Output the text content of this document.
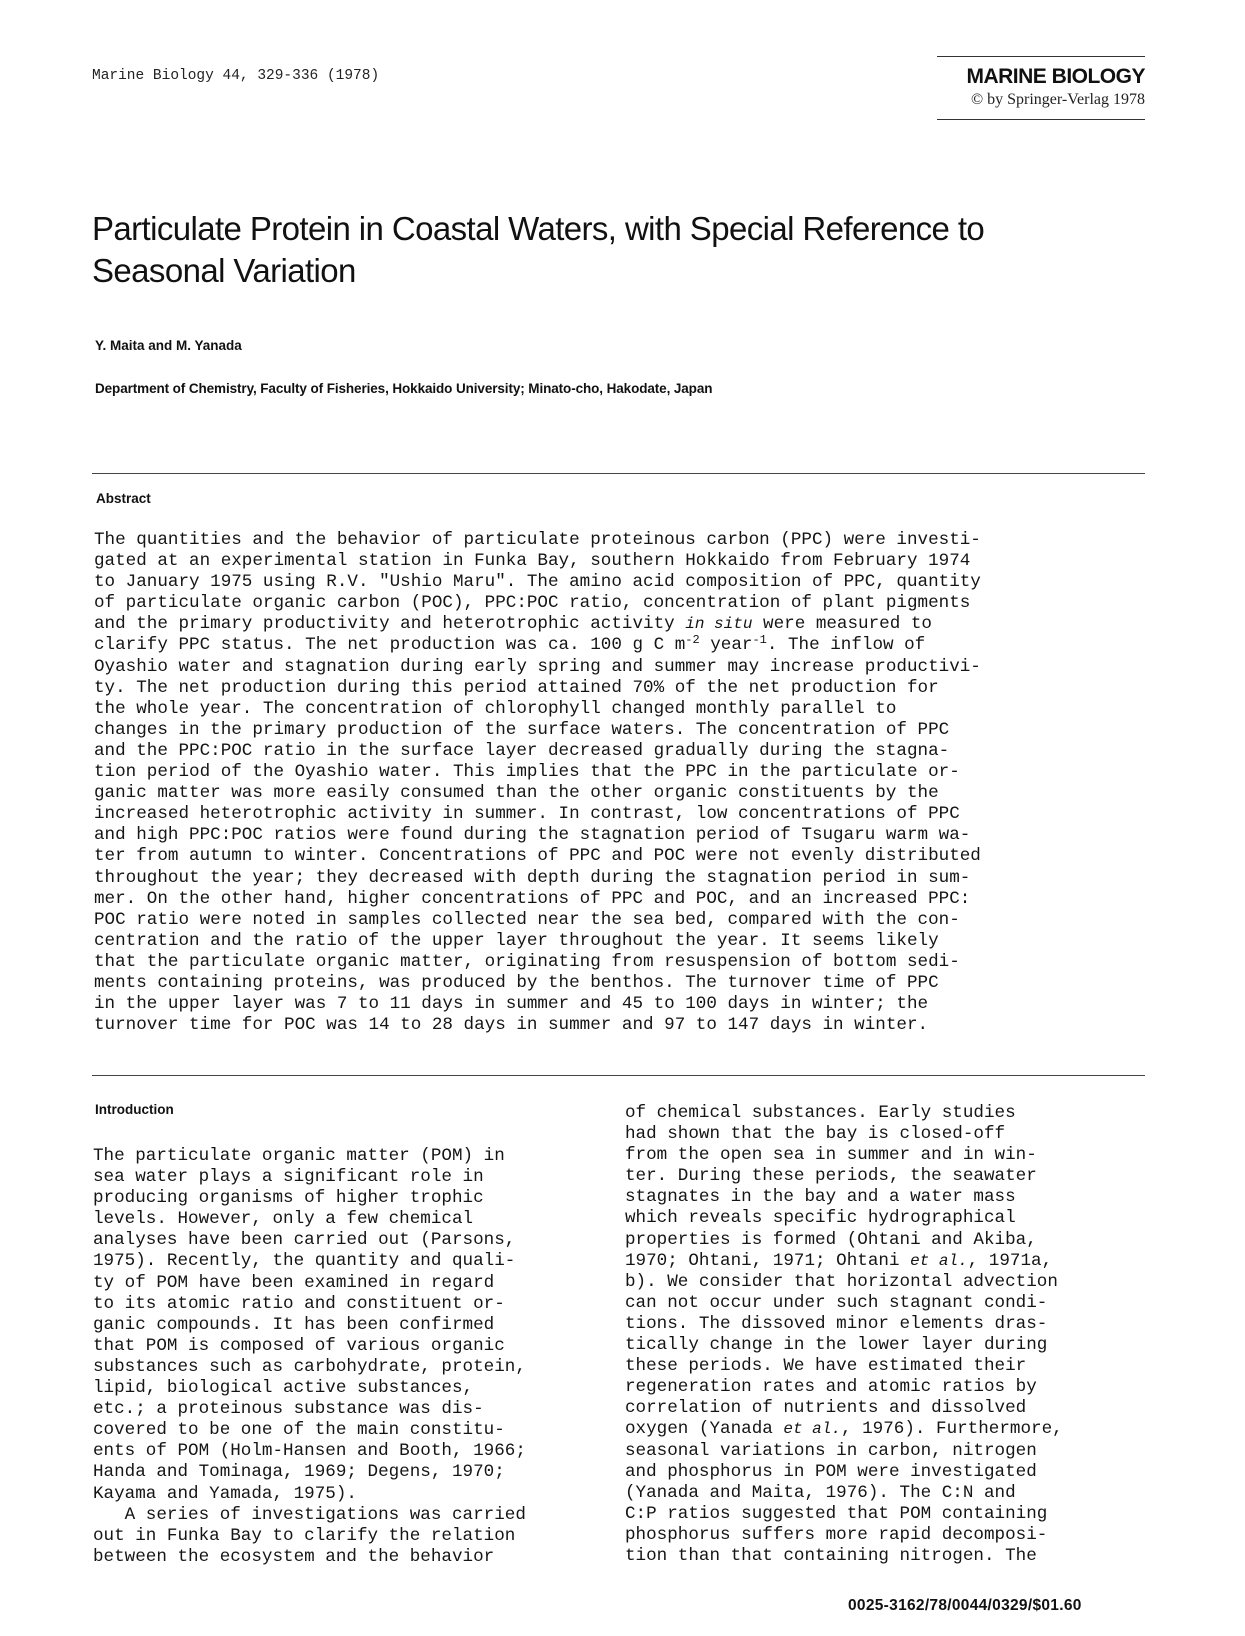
Marine Biology 44, 329-336 (1978)	MARINE BIOLOGY
© by Springer-Verlag 1978
Particulate Protein in Coastal Waters, with Special Reference to
Seasonal Variation
Y. Maita and M. Yanada
Department of Chemistry, Faculty of Fisheries, Hokkaido University; Minato-cho, Hakodate, Japan
Abstract
The quantities and the behavior of particulate proteinous carbon (PPC) were investi-
gated at an experimental station in Funka Bay, southern Hokkaido from February 1974
to January 1975 using R.V. "Ushio Maru". The amino acid composition of PPC, quantity
of particulate organic carbon (POC), PPC:POC ratio, concentration of plant pigments
and the primary productivity and heterotrophic activity in situ were measured to
clarify PPC status. The net production was ca. 100 g C $m^{-2}$ year$^{-1}$. The inflow of
Oyashio water and stagnation during early spring and summer may increase productivi-
ty. The net production during this period attained 70% of the net production for
the whole year. The concentration of chlorophyll changed monthly parallel to
changes in the primary production of the surface waters. The concentration of PPC
and the PPC:POC ratio in the surface layer decreased gradually during the stagna-
tion period of the Oyashio water. This implies that the PPC in the particulate or-
ganic matter was more easily consumed than the other organic constituents by the
increased heterotrophic activity in summer. In contrast, low concentrations of PPC
and high PPC:POC ratios were found during the stagnation period of Tsugaru warm wa-
ter from autumn to winter. Concentrations of PPC and POC were not evenly distributed
throughout the year; they decreased with depth during the stagnation period in sum-
mer. On the other hand, higher concentrations of PPC and POC, and an increased PPC:
POC ratio were noted in samples collected near the sea bed, compared with the con-
centration and the ratio of the upper layer throughout the year. It seems likely
that the particulate organic matter, originating from resuspension of bottom sedi-
ments containing proteins, was produced by the benthos. The turnover time of PPC
in the upper layer was 7 to 11 days in summer and 45 to 100 days in winter; the
turnover time for POC was 14 to 28 days in summer and 97 to 147 days in winter.
Introduction
The particulate organic matter (POM) in
sea water plays a significant role in
producing organisms of higher trophic
levels. However, only a few chemical
analyses have been carried out (Parsons,
1975). Recently, the quantity and quali-
ty of POM have been examined in regard
to its atomic ratio and constituent or-
ganic compounds. It has been confirmed
that POM is composed of various organic
substances such as carbohydrate, protein,
lipid, biological active substances,
etc.; a proteinous substance was dis-
covered to be one of the main constitu-
ents of POM (Holm-Hansen and Booth, 1966;
Handa and Tominaga, 1969; Degens, 1970;
Kayama and Yamada, 1975).
A series of investigations was carried
out in Funka Bay to clarify the relation
between the ecosystem and the behavior
of chemical substances. Early studies
had shown that the bay is closed-off
from the open sea in summer and in win-
ter. During these periods, the seawater
stagnates in the bay and a water mass
which reveals specific hydrographical
properties is formed (Ohtani and Akiba,
1970; Ohtani, 1971; Ohtani et al., 1971a,
b). We consider that horizontal advection
can not occur under such stagnant condi-
tions. The dissoved minor elements dras-
tically change in the lower layer during
these periods. We have estimated their
regeneration rates and atomic ratios by
correlation of nutrients and dissolved
oxygen (Yanada et al., 1976). Furthermore,
seasonal variations in carbon, nitrogen
and phosphorus in POM were investigated
(Yanada and Maita, 1976). The C:N and
C:P ratios suggested that POM containing
phosphorus suffers more rapid decomposi-
tion than that containing nitrogen. The
0025-3162/78/0044/0329/$01.60
